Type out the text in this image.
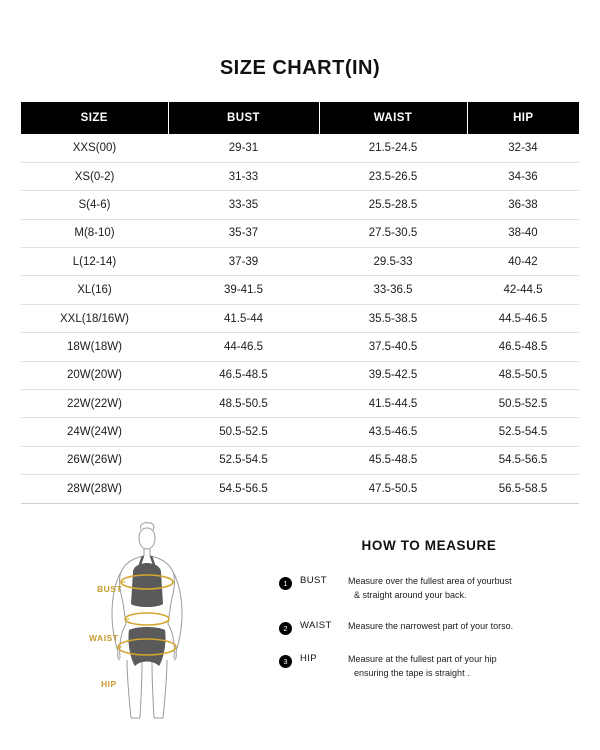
SIZE CHART(IN)
SIZE	BUST	WAIST	HIP
XXS(00)	29-31	21.5-24.5	32-34
XS(0-2)	31-33	23.5-26.5	34-36
S(4-6)	33-35	25.5-28.5	36-38
M(8-10)	35-37	27.5-30.5	38-40
L(12-14)	37-39	29.5-33	40-42
XL(16)	39-41.5	33-36.5	42-44.5
XXL(18/16W)	41.5-44	35.5-38.5	44.5-46.5
18W(18W)	44-46.5	37.5-40.5	46.5-48.5
20W(20W)	46.5-48.5	39.5-42.5	48.5-50.5
22W(22W)	48.5-50.5	41.5-44.5	50.5-52.5
24W(24W)	50.5-52.5	43.5-46.5	52.5-54.5
26W(26W)	52.5-54.5	45.5-48.5	54.5-56.5
28W(28W)	54.5-56.5	47.5-50.5	56.5-58.5
BUST
WAIST
HIP
HOW TO MEASURE
1	BUST	Measure over the fullest area of yourbust
& straight around your back.
2	WAIST	Measure the narrowest part of your torso.
3	HIP	Measure at the fullest part of your hip
ensuring the tape is straight .
